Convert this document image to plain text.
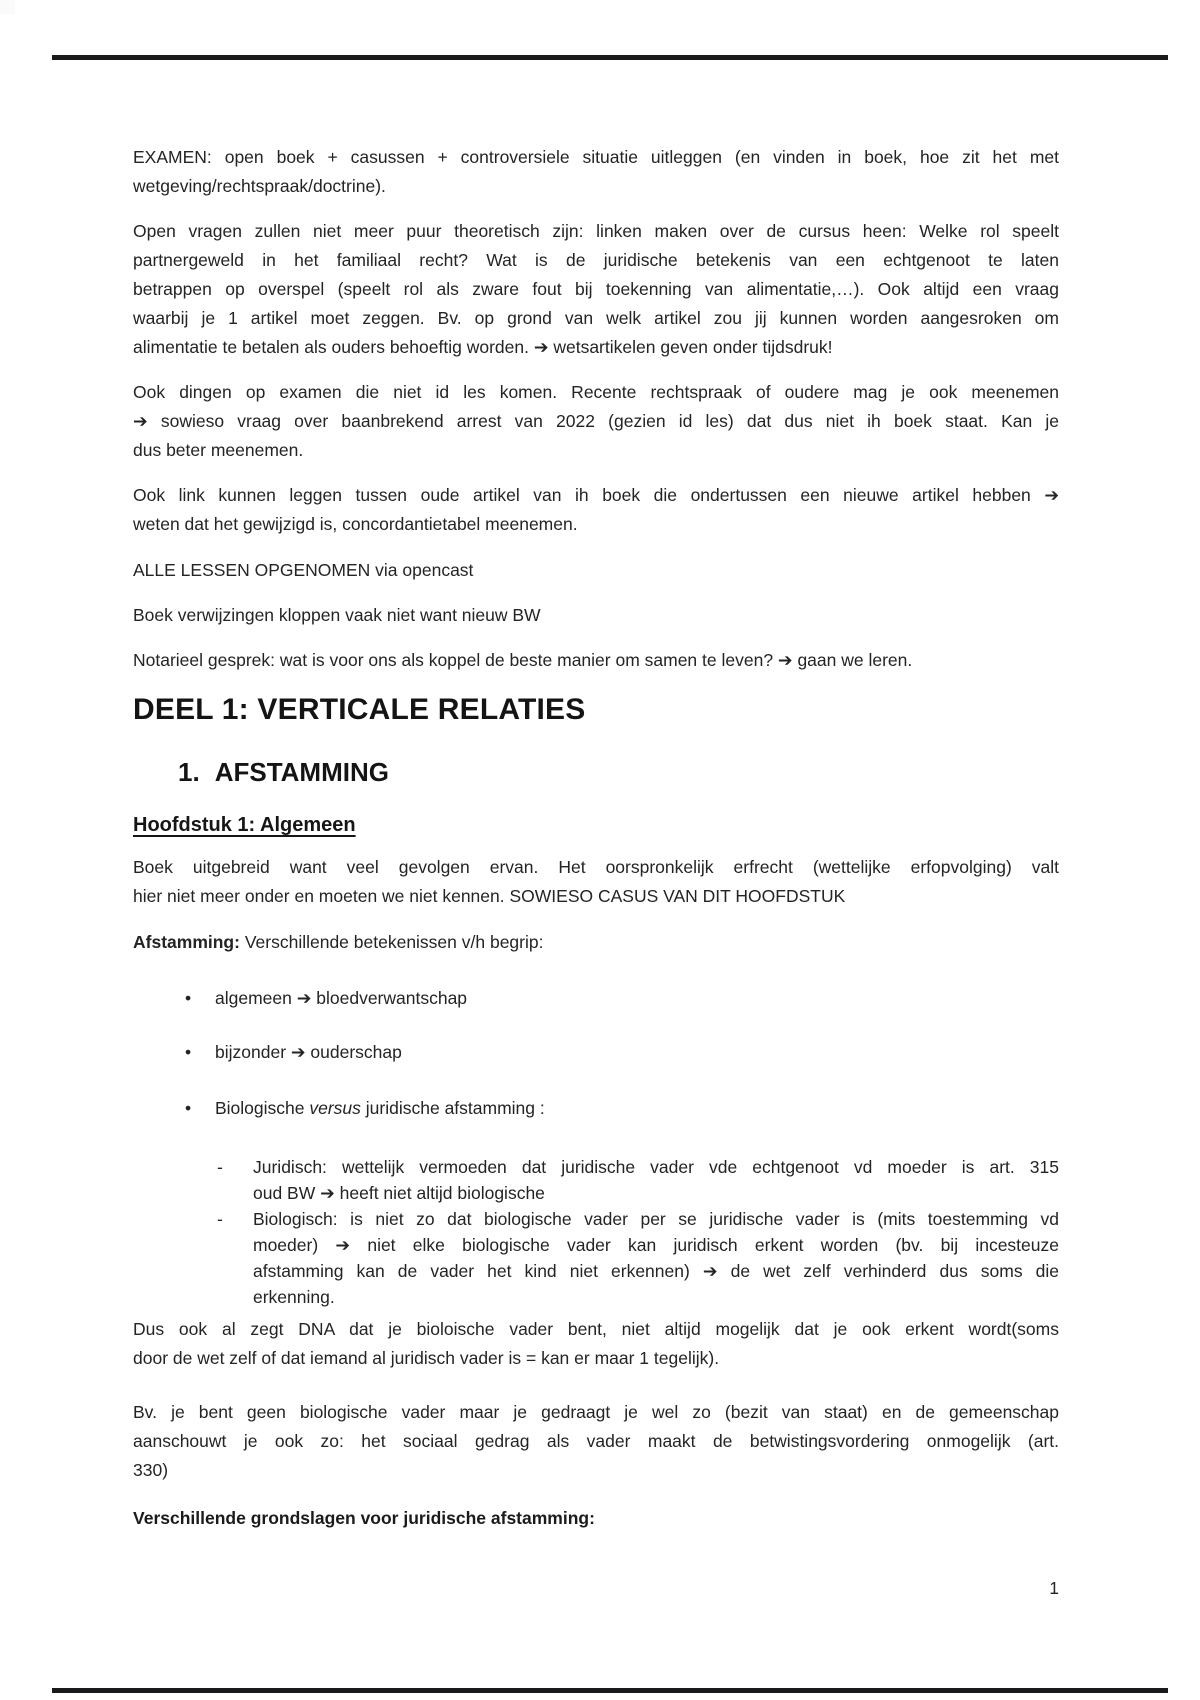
EXAMEN: open boek + casussen + controversiele situatie uitleggen (en vinden in boek, hoe zit het met
wetgeving/rechtspraak/doctrine).
Open vragen zullen niet meer puur theoretisch zijn: linken maken over de cursus heen: Welke rol speelt
partnergeweld in het familiaal recht? Wat is de juridische betekenis van een echtgenoot te laten
betrappen op overspel (speelt rol als zware fout bij toekenning van alimentatie,…). Ook altijd een vraag
waarbij je 1 artikel moet zeggen. Bv. op grond van welk artikel zou jij kunnen worden aangesroken om
alimentatie te betalen als ouders behoeftig worden. ➔ wetsartikelen geven onder tijdsdruk!
Ook dingen op examen die niet id les komen. Recente rechtspraak of oudere mag je ook meenemen
➔ sowieso vraag over baanbrekend arrest van 2022 (gezien id les) dat dus niet ih boek staat. Kan je
dus beter meenemen.
Ook link kunnen leggen tussen oude artikel van ih boek die ondertussen een nieuwe artikel hebben ➔
weten dat het gewijzigd is, concordantietabel meenemen.
ALLE LESSEN OPGENOMEN via opencast
Boek verwijzingen kloppen vaak niet want nieuw BW
Notarieel gesprek: wat is voor ons als koppel de beste manier om samen te leven? ➔ gaan we leren.
DEEL 1: VERTICALE RELATIES
1. AFSTAMMING
Hoofdstuk 1: Algemeen
Boek uitgebreid want veel gevolgen ervan. Het oorspronkelijk erfrecht (wettelijke erfopvolging) valt
hier niet meer onder en moeten we niet kennen. SOWIESO CASUS VAN DIT HOOFDSTUK
Afstamming: Verschillende betekenissen v/h begrip:
• algemeen ➔ bloedverwantschap
• bijzonder ➔ ouderschap
• Biologische versus juridische afstamming :
- Juridisch: wettelijk vermoeden dat juridische vader vde echtgenoot vd moeder is art. 315
oud BW ➔ heeft niet altijd biologische
- Biologisch: is niet zo dat biologische vader per se juridische vader is (mits toestemming vd
moeder) ➔ niet elke biologische vader kan juridisch erkent worden (bv. bij incesteuze
afstamming kan de vader het kind niet erkennen) ➔ de wet zelf verhinderd dus soms die
erkenning.
Dus ook al zegt DNA dat je bioloische vader bent, niet altijd mogelijk dat je ook erkent wordt(soms
door de wet zelf of dat iemand al juridisch vader is = kan er maar 1 tegelijk).
Bv. je bent geen biologische vader maar je gedraagt je wel zo (bezit van staat) en de gemeenschap
aanschouwt je ook zo: het sociaal gedrag als vader maakt de betwistingsvordering onmogelijk (art.
330)
Verschillende grondslagen voor juridische afstamming:
1
